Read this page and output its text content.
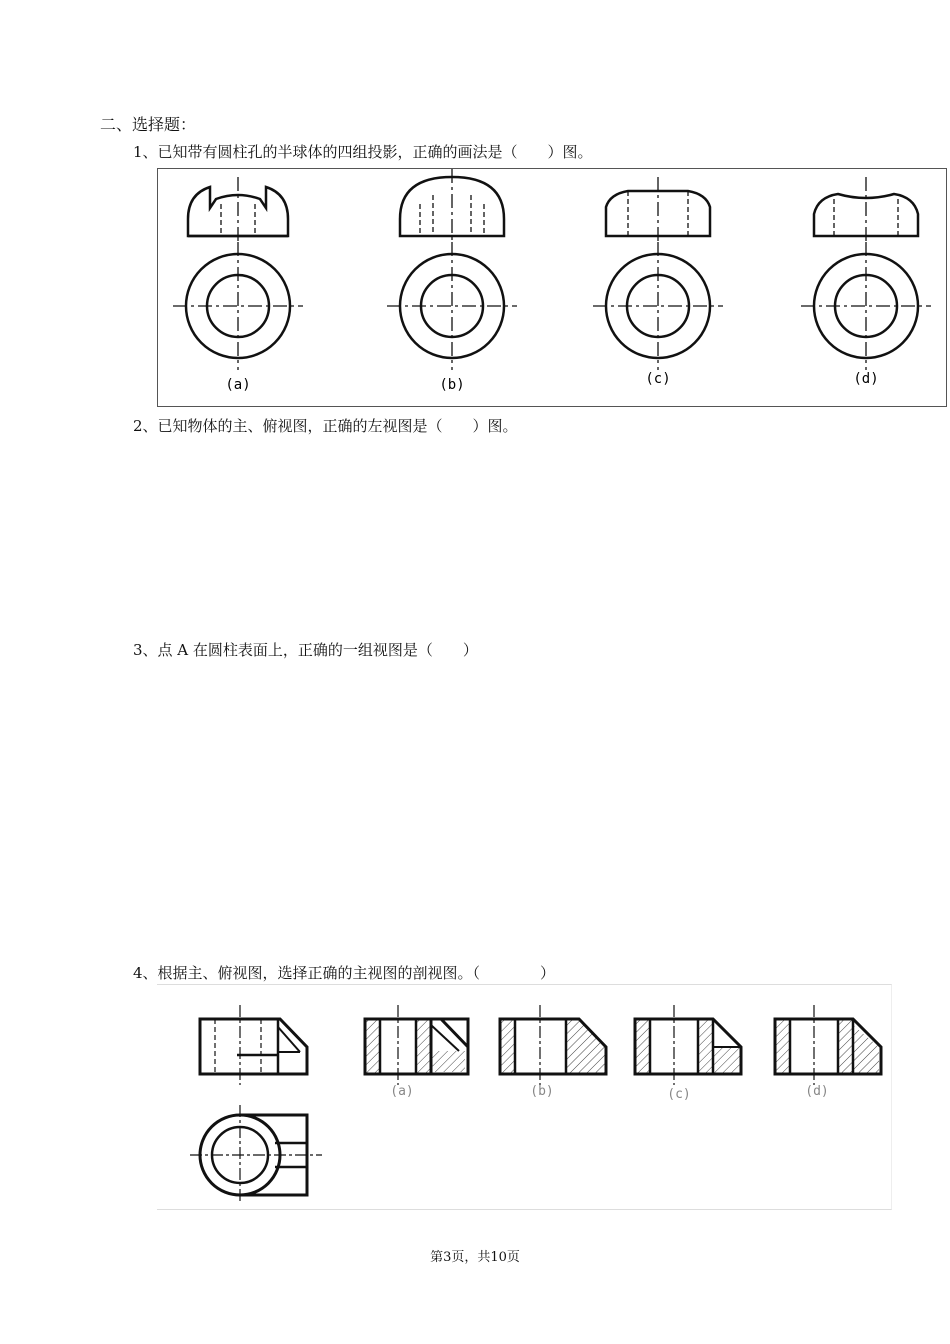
二、选择题：
1、已知带有圆柱孔的半球体的四组投影，正确的画法是（　　）图。
(a)	(b)	(c)	(d)
2、已知物体的主、俯视图，正确的左视图是（　　）图。
3、点 A 在圆柱表面上，正确的一组视图是（　　）
4、根据主、俯视图，选择正确的主视图的剖视图。（　　　　）
(a)	(b)	(c)	(d)
第3页，共10页
